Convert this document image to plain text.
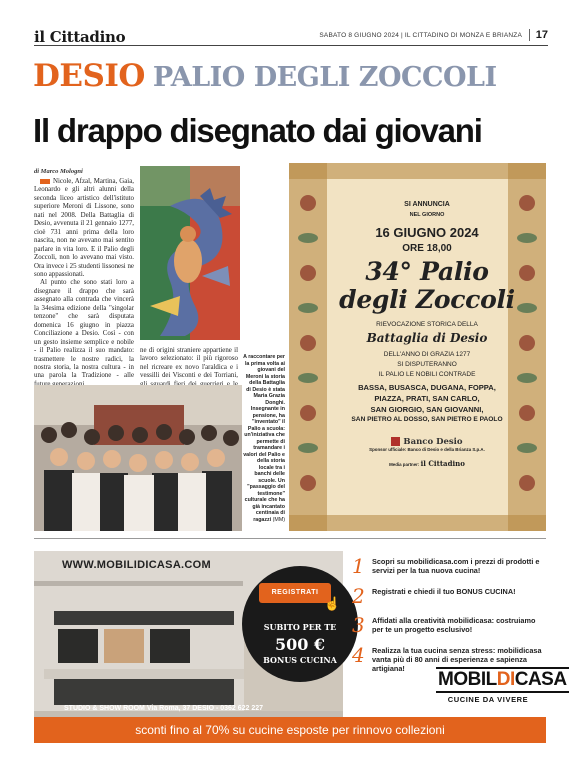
il Cittadino	SABATO 8 GIUGNO 2024 | IL CITTADINO DI MONZA E BRIANZA	17
DESIO PALIO DEGLI ZOCCOLI
Il drappo disegnato dai giovani
di Marco Mologni

Nicole, Afzal, Martina, Gaia, Leonardo e gli altri alunni della seconda liceo artistico dell'istituto superiore Meroni di Lissone, sono nati nel 2008. Della Battaglia di Desio, avvenuta il 21 gennaio 1277, cioè 731 anni prima della loro nascita, non ne avevano mai sentito parlare in vita loro. E il Palio degli Zoccoli, non lo avevano mai visto. Ora invece i 25 studenti lissonesi ne sono appassionati.

Al punto che sono stati loro a disegnare il drappo che sarà assegnato alla contrada che vincerà la 34esima edizione della "singolar tenzone" che sarà disputata domenica 16 giugno in piazza Conciliazione a Desio. Così - con un gesto insieme semplice e nobile - il Palio realizza il suo mandato: trasmettere le nostre radici, la nostra storia, la nostra cultura - in una parola la Tradizione - alle

ne di origini straniere appartiene il lavoro selezionato: il più rigoroso nel ricreare ex novo l'araldica e i vessilli dei Visconti e dei Torriani,

A raccontare per la prima volta ai giovani del Meroni la storia della Battaglia di Desio è stata Maria Grazia Donghi. Insegnante in pensione, ha "inventato" il Palio a scuola: un'iniziativa che permette di tramandare i valori del Palio e della storia locale tra i banchi delle scuole. Un "passaggio del testimone" culturale che ha già incantato centinaia di ragazzi (MM)
SI ANNUNCIA
NEL GIORNO
16 GIUGNO 2024
ORE 18,00
34° Palio
degli Zoccoli
RIEVOCAZIONE STORICA DELLA
Battaglia di Desio
DELL'ANNO DI GRAZIA 1277
SI DISPUTERANNO
IL PALIO LE NOBILI CONTRADE
BASSA, BUSASCA, DUGANA, FOPPA,
PIAZZA, PRATI, SAN CARLO,
SAN GIORGIO, SAN GIOVANNI,
SAN PIETRO AL DOSSO, SAN PIETRO E PAOLO
Banco Desio
Sponsor ufficiale: Banco di Desio e della Brianza S.p.A.
Media partner: il Cittadino
WWW.MOBILIDICASA.COM
STUDIO & SHOW ROOM Via Roma, 37 DESIO - 0362 622 227
REGISTRATI
☝
SUBITO PER TE
500 €
BONUS CUCINA
1 Scopri su mobilidicasa.com i prezzi di prodotti e servizi per la tua nuova cucina!
2 Registrati e chiedi il tuo BONUS CUCINA!
3 Affidati alla creatività mobilidicasa: costruiamo per te un progetto esclusivo!
4 Realizza la tua cucina senza stress: mobilidicasa vanta più di 80 anni di esperienza e sapienza artigiana!
MOBILDICASA
CUCINE DA VIVERE
sconti fino al 70% su cucine esposte per rinnovo collezioni
